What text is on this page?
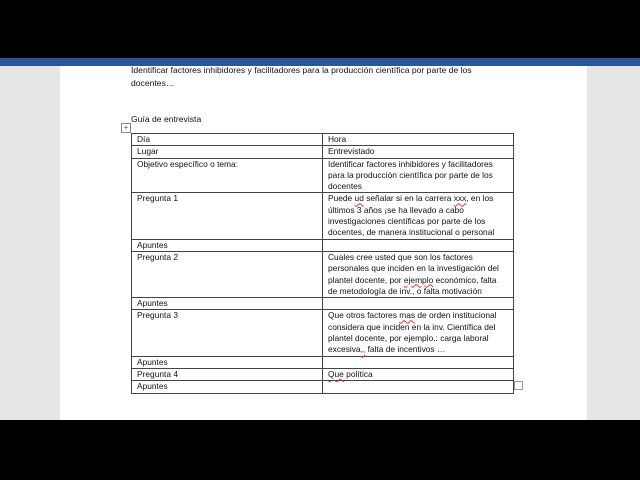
Identificar factores inhibidores y facilitadores para la producción científica por parte de los
docentes…
Guía de entrevista
+
Día	Hora
Lugar	Entrevistado
Objetivo específico o tema:	Identificar factores inhibidores y facilitadores para la producción científica por parte de los docentes
Pregunta 1	Puede ud señalar si en la carrera xxx, en los últimos 3 años ¡se ha llevado a cabo investigaciones científicas por parte de los docentes, de manera institucional o personal
Apuntes	
Pregunta 2	Cuales cree usted que son los factores personales que inciden en la investigación del plantel docente, por ejemplo económico, falta de metodología de inv., o falta motivación
Apuntes	
Pregunta 3	Que otros factores mas de orden institucional considera que inciden en la inv. Científica del plantel docente, por ejemplo.: carga laboral excesiva,, falta de incentivos …
Apuntes	
Pregunta 4	Que política
Apuntes	
